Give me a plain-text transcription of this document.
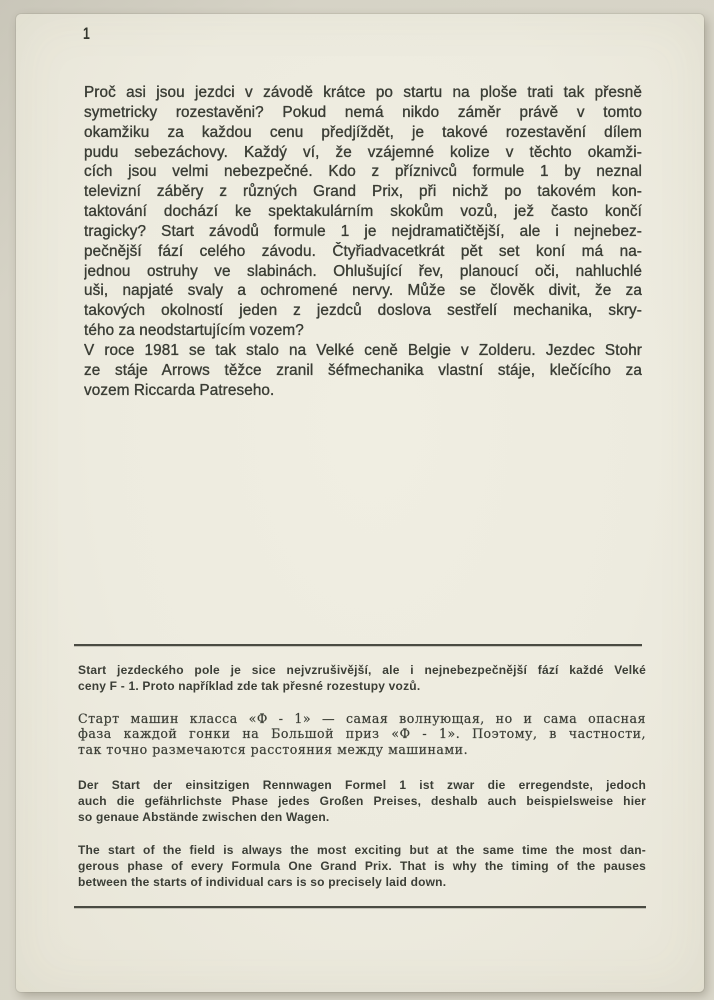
1
Proč asi jsou jezdci v závodě krátce po startu na ploše trati tak přesně
symetricky rozestavěni? Pokud nemá nikdo záměr právě v tomto
okamžiku za každou cenu předjíždět, je takové rozestavění dílem
pudu sebezáchovy. Každý ví, že vzájemné kolize v těchto okamži-
cích jsou velmi nebezpečné. Kdo z příznivců formule 1 by neznal
televizní záběry z různých Grand Prix, při nichž po takovém kon-
taktování dochází ke spektakulárním skokům vozů, jež často končí
tragicky? Start závodů formule 1 je nejdramatičtější, ale i nejnebez-
pečnější fází celého závodu. Čtyřiadvacetkrát pět set koní má na-
jednou ostruhy ve slabinách. Ohlušující řev, planoucí oči, nahluchlé
uši, napjaté svaly a ochromené nervy. Může se člověk divit, že za
takových okolností jeden z jezdců doslova sestřelí mechanika, skry-
tého za neodstartujícím vozem?
V roce 1981 se tak stalo na Velké ceně Belgie v Zolderu. Jezdec Stohr
ze stáje Arrows těžce zranil šéfmechanika vlastní stáje, klečícího za
vozem Riccarda Patreseho.
Start jezdeckého pole je sice nejvzrušivější, ale i nejnebezpečnější fází každé Velké
ceny F - 1. Proto například zde tak přesné rozestupy vozů.
Старт машин класса «Ф - 1» — самая волнующая, но и сама опасная
фаза каждой гонки на Большой приз «Ф - 1». Поэтому, в частности,
так точно размечаются расстояния между машинами.
Der Start der einsitzigen Rennwagen Formel 1 ist zwar die erregendste, jedoch
auch die gefährlichste Phase jedes Großen Preises, deshalb auch beispielsweise hier
so genaue Abstände zwischen den Wagen.
The start of the field is always the most exciting but at the same time the most dan-
gerous phase of every Formula One Grand Prix. That is why the timing of the pauses
between the starts of individual cars is so precisely laid down.
